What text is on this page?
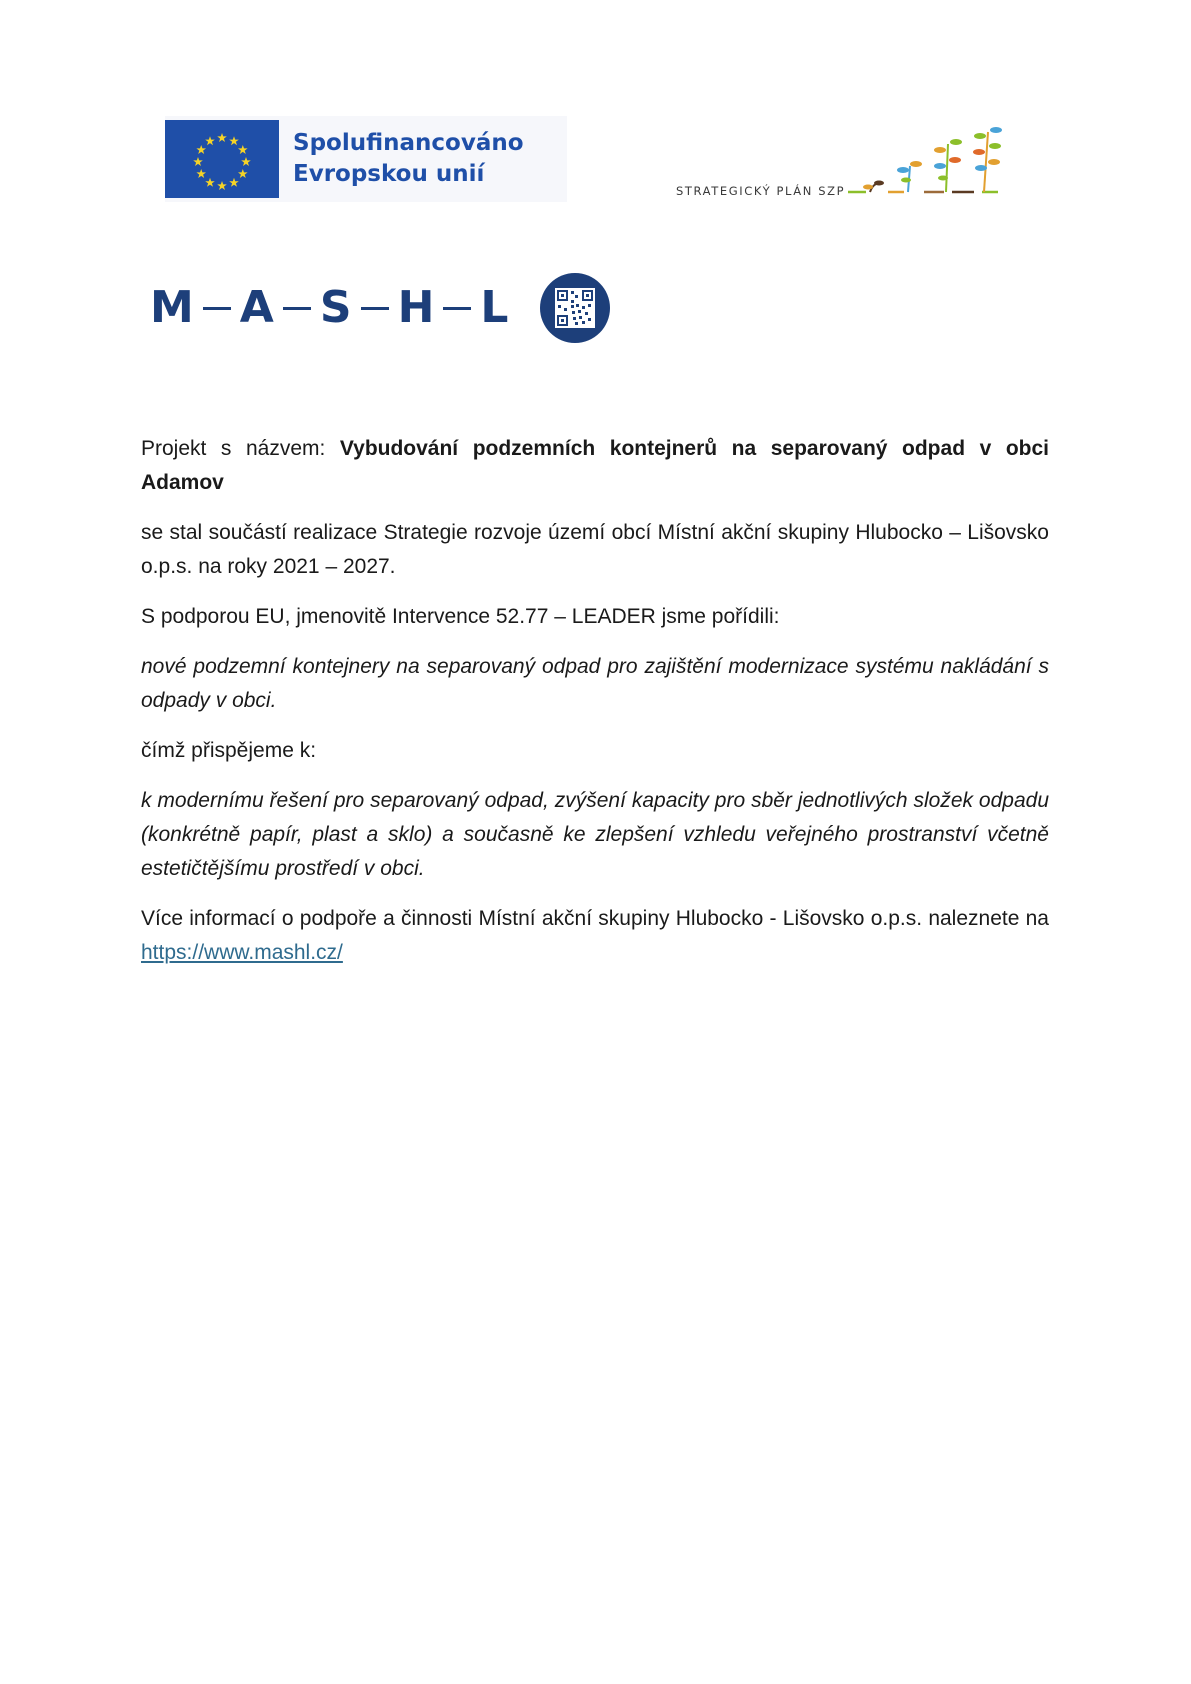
Spolufinancováno
Evropskou unií
STRATEGICKÝ PLÁN SZP
M A S H L

Projekt s názvem: Vybudování podzemních kontejnerů na separovaný odpad v obci Adamov

se stal součástí realizace Strategie rozvoje území obcí Místní akční skupiny Hlubocko – Lišovsko o.p.s. na roky 2021 – 2027.

S podporou EU, jmenovitě Intervence 52.77 – LEADER jsme pořídili:

nové podzemní kontejnery na separovaný odpad pro zajištění modernizace systému nakládání s odpady v obci.

čímž přispějeme k:

k modernímu řešení pro separovaný odpad, zvýšení kapacity pro sběr jednotlivých složek odpadu (konkrétně papír, plast a sklo) a současně ke zlepšení vzhledu veřejného prostranství včetně estetičtějšímu prostředí v obci.

Více informací o podpoře a činnosti Místní akční skupiny Hlubocko - Lišovsko o.p.s. naleznete na https://www.mashl.cz/
